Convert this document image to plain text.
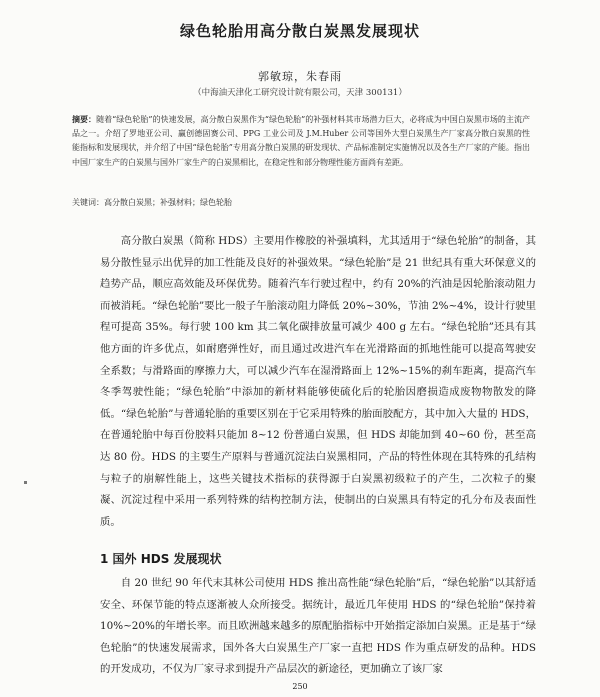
绿色轮胎用高分散白炭黑发展现状
郭敏琼，朱春雨
（中海油天津化工研究设计院有限公司，天津 300131）
摘要：随着“绿色轮胎”的快速发展，高分散白炭黑作为“绿色轮胎”的补强材料其市场潜力巨大，必将成为中国白炭黑市场的主流产品之一。介绍了罗地亚公司、赢创德固赛公司、PPG 工业公司及 J.M.Huber 公司等国外大型白炭黑生产厂家高分散白炭黑的性能指标和发展现状，并介绍了中国“绿色轮胎”专用高分散白炭黑的研发现状、产品标准制定实施情况以及各生产厂家的产能。指出中国厂家生产的白炭黑与国外厂家生产的白炭黑相比，在稳定性和部分物理性能方面尚有差距。
关键词：高分散白炭黑；补强材料；绿色轮胎

高分散白炭黑（简称 HDS）主要用作橡胶的补强填料，尤其适用于“绿色轮胎”的制备，其易分散性显示出优异的加工性能及良好的补强效果。“绿色轮胎”是 21 世纪具有重大环保意义的趋势产品，顺应高效能及环保优势。随着汽车行驶过程中，约有 20%的汽油是因轮胎滚动阻力而被消耗。“绿色轮胎”要比一般子午胎滚动阻力降低 20%~30%，节油 2%~4%，设计行驶里程可提高 35%。每行驶 100 km 其二氧化碳排放量可减少 400 g 左右。“绿色轮胎”还具有其他方面的许多优点，如耐磨弹性好，而且通过改进汽车在光滑路面的抓地性能可以提高驾驶安全系数；与滑路面的摩擦力大，可以减少汽车在湿滑路面上 12%~15%的刹车距离，提高汽车冬季驾驶性能；“绿色轮胎”中添加的新材料能够使硫化后的轮胎因磨损造成废物物散发的降低。“绿色轮胎”与普通轮胎的重要区别在于它采用特殊的胎面胶配方，其中加入大量的 HDS，在普通轮胎中每百份胶料只能加 8~12 份普通白炭黑，但 HDS 却能加到 40~60 份，甚至高达 80 份。HDS 的主要生产原料与普通沉淀法白炭黑相同，产品的特性体现在其特殊的孔结构与粒子的崩解性能上，这些关键技术指标的获得源于白炭黑初级粒子的产生，二次粒子的聚凝、沉淀过程中采用一系列特殊的结构控制方法，使制出的白炭黑具有特定的孔分布及表面性质。

1 国外 HDS 发展现状

自 20 世纪 90 年代末其林公司使用 HDS 推出高性能“绿色轮胎”后，“绿色轮胎”以其舒适安全、环保节能的特点逐渐被人众所接受。据统计，最近几年使用 HDS 的“绿色轮胎”保持着 10%~20%的年增长率。而且欧洲越来越多的原配胎指标中开始指定添加白炭黑。正是基于“绿色轮胎”的快速发展需求，国外各大白炭黑生产厂家一直把 HDS 作为重点研发的品种。HDS 的开发成功，不仅为厂家寻求到提升产品层次的新途径，更加确立了该厂家

250
